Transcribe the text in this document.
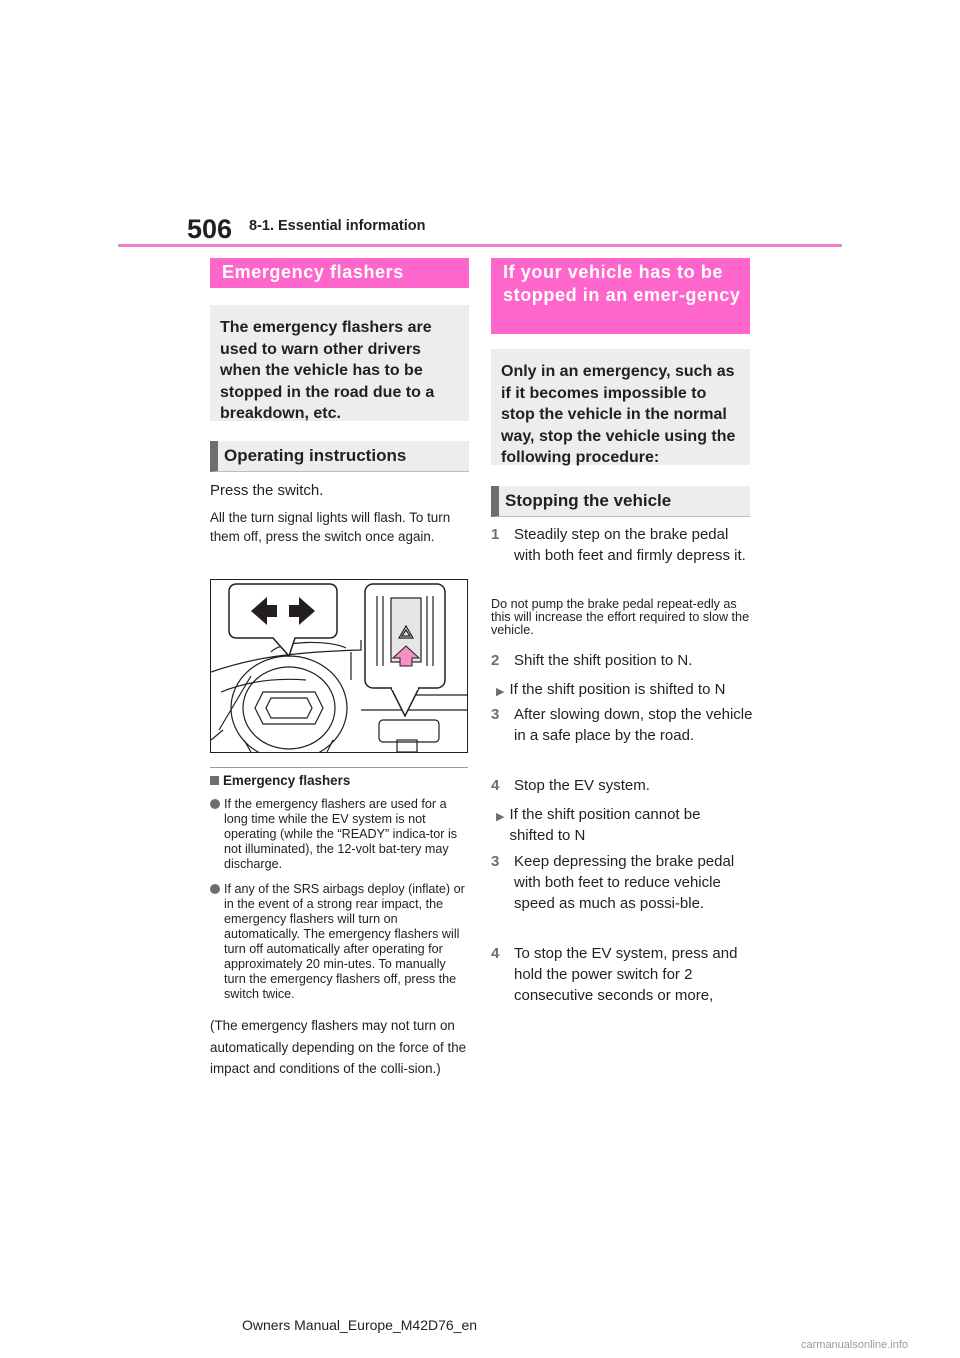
506 8-1. Essential information
Emergency flashers
The emergency flashers are used to warn other drivers when the vehicle has to be stopped in the road due to a breakdown, etc.
Operating instructions
Press the switch.
All the turn signal lights will flash. To turn them off, press the switch once again.
Emergency flashers
If the emergency flashers are used for a long time while the EV system is not operating (while the “READY” indica-tor is not illuminated), the 12-volt bat-tery may discharge.
If any of the SRS airbags deploy (inflate) or in the event of a strong rear impact, the emergency flashers will turn on automatically. The emergency flashers will turn off automatically after operating for approximately 20 min-utes. To manually turn the emergency flashers off, press the switch twice.
(The emergency flashers may not turn on automatically depending on the force of the impact and conditions of the colli-sion.)
If your vehicle has to be stopped in an emer-gency
Only in an emergency, such as if it becomes impossible to stop the vehicle in the normal way, stop the vehicle using the following procedure:
Stopping the vehicle
1 Steadily step on the brake pedal with both feet and firmly depress it.
Do not pump the brake pedal repeat-edly as this will increase the effort required to slow the vehicle.
2 Shift the shift position to N.
▶ If the shift position is shifted to N
3 After slowing down, stop the vehicle in a safe place by the road.
4 Stop the EV system.
▶ If the shift position cannot be shifted to N
3 Keep depressing the brake pedal with both feet to reduce vehicle speed as much as possi-ble.
4 To stop the EV system, press and hold the power switch for 2 consecutive seconds or more,
Owners Manual_Europe_M42D76_en
carmanualsonline.info
